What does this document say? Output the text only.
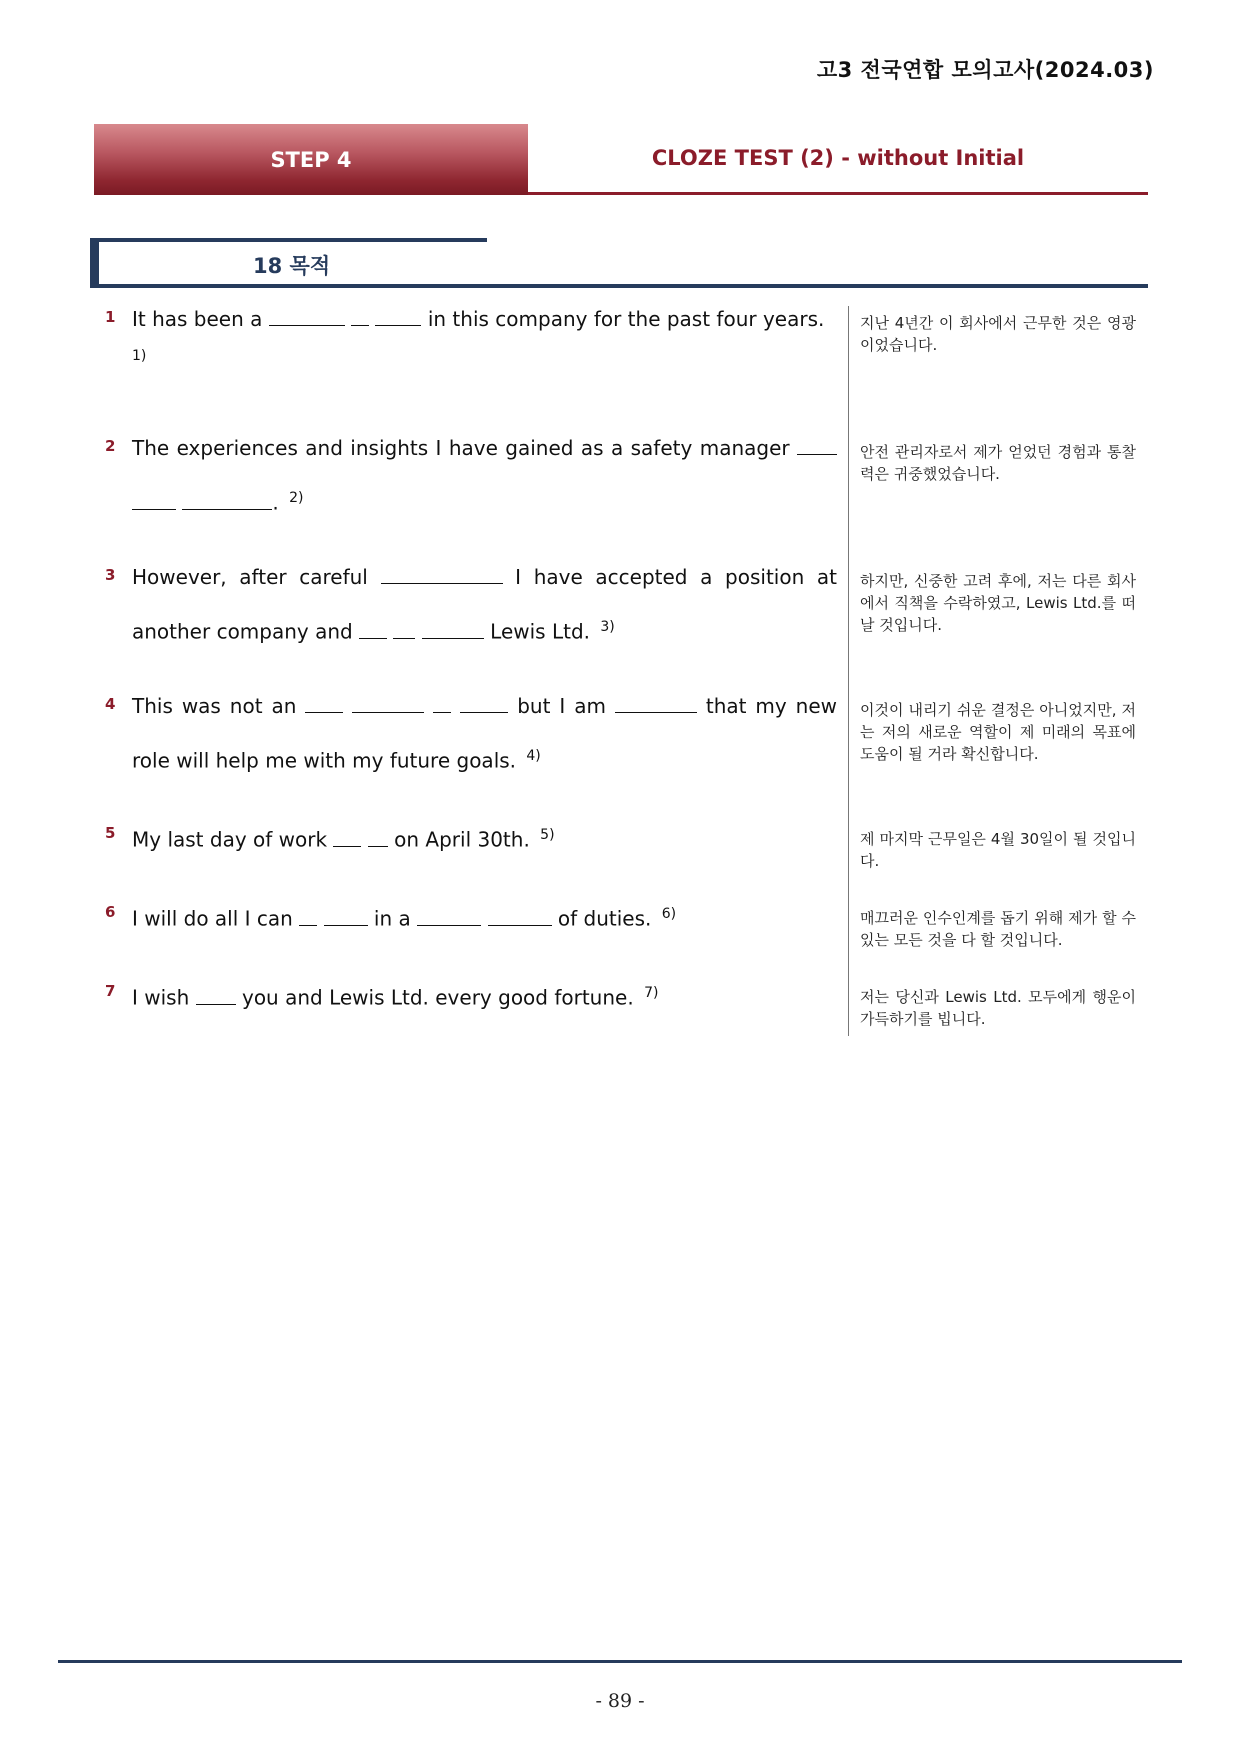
고3 전국연합 모의고사(2024.03)
STEP 4	CLOZE TEST (2) - without Initial
18 목적
1 It has been a	in this company for the past four years.
1)
지난 4년간 이 회사에서 근무한 것은 영광이었습니다.
2 The experiences and insights I have gained as a safety manager   . $^{2)}$
안전 관리자로서 제가 얻었던 경험과 통찰력은 귀중했었습니다.
3 However, after careful	I have accepted a position at another company and	Lewis Ltd. $^{3)}$
하지만, 신중한 고려 후에, 저는 다른 회사에서 직책을 수락하였고, Lewis Ltd.를 떠날 것입니다.
4 This was not an	but I am	that my new role will help me with my future goals. $^{4)}$
이것이 내리기 쉬운 결정은 아니었지만, 저는 저의 새로운 역할이 제 미래의 목표에 도움이 될 거라 확신합니다.
5 My last day of work	on April 30th. $^{5)}$	제 마지막 근무일은 4월 30일이 될 것입니다.
6 I will do all I can	in a	of duties. $^{6)}$	매끄러운 인수인계를 돕기 위해 제가 할 수 있는 모든 것을 다 할 것입니다.
7 I wish	you and Lewis Ltd. every good fortune. $^{7)}$	저는 당신과 Lewis Ltd. 모두에게 행운이 가득하기를 빕니다.
- 89 -
